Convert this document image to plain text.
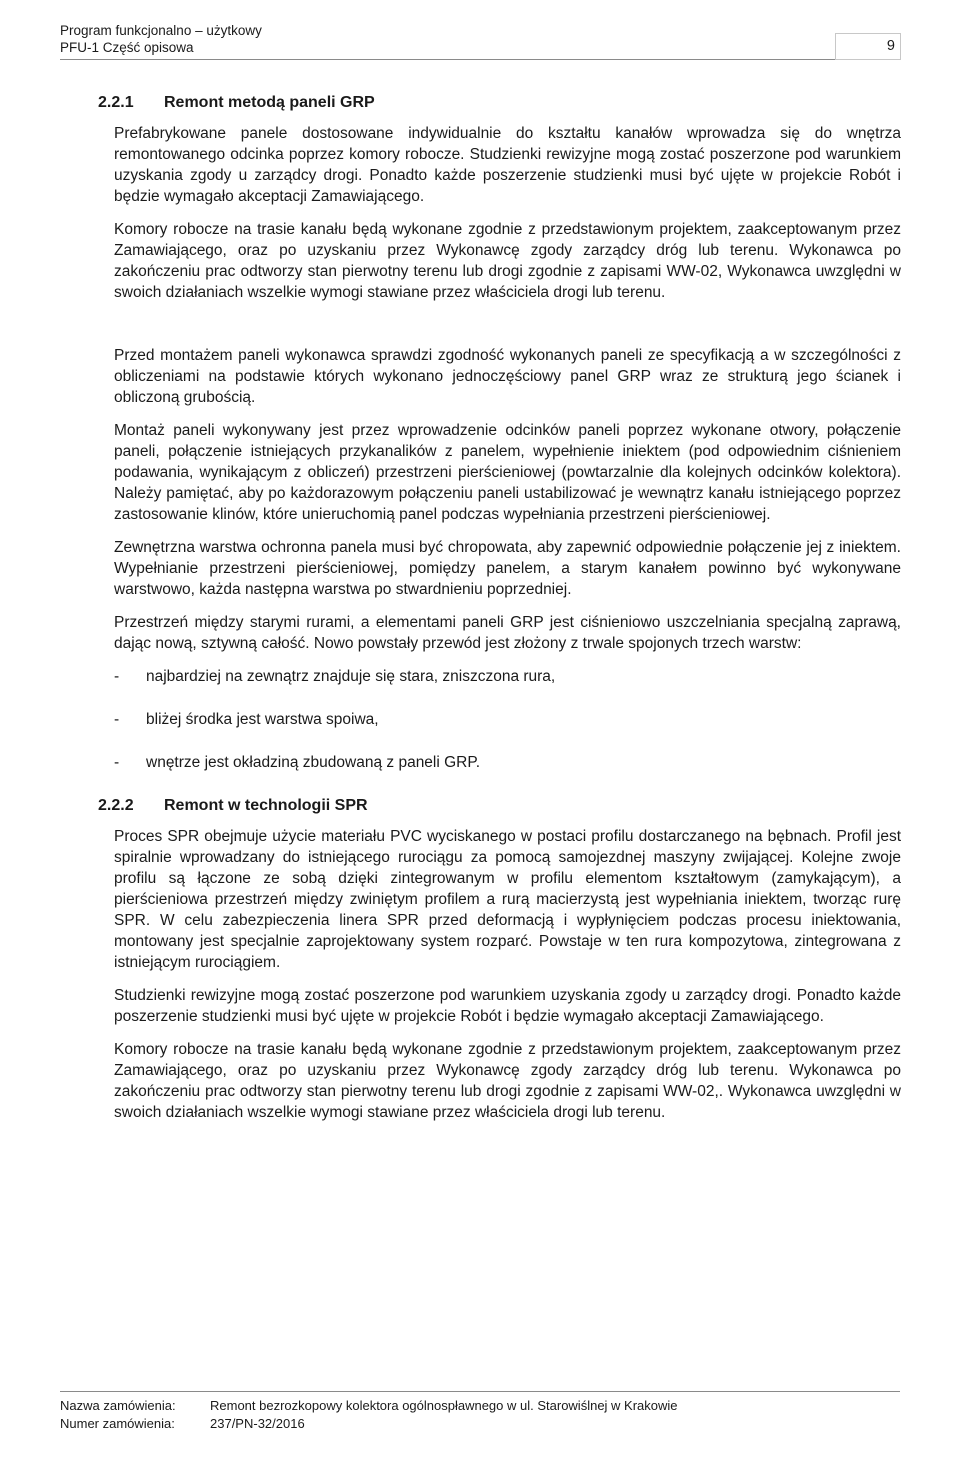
Program funkcjonalno – użytkowy
PFU-1 Część opisowa	9
2.2.1 Remont metodą paneli GRP

Prefabrykowane panele dostosowane indywidualnie do kształtu kanałów wprowadza się do wnętrza remontowanego odcinka poprzez komory robocze. Studzienki rewizyjne mogą zostać poszerzone pod warunkiem uzyskania zgody u zarządcy drogi. Ponadto każde poszerzenie studzienki musi być ujęte w projekcie Robót i będzie wymagało akceptacji Zamawiającego.

Komory robocze na trasie kanału będą wykonane zgodnie z przedstawionym projektem, zaakceptowanym przez Zamawiającego, oraz po uzyskaniu przez Wykonawcę zgody zarządcy dróg lub terenu. Wykonawca po zakończeniu prac odtworzy stan pierwotny terenu lub drogi zgodnie z zapisami WW-02, Wykonawca uwzględni w swoich działaniach wszelkie wymogi stawiane przez właściciela drogi lub terenu.

Przed montażem paneli wykonawca sprawdzi zgodność wykonanych paneli ze specyfikacją a w szczególności z obliczeniami na podstawie których wykonano jednoczęściowy panel GRP wraz ze strukturą jego ścianek i obliczoną grubością.

Montaż paneli wykonywany jest przez wprowadzenie odcinków paneli poprzez wykonane otwory, połączenie paneli, połączenie istniejących przykanalików z panelem, wypełnienie iniektem (pod odpowiednim ciśnieniem podawania, wynikającym z obliczeń) przestrzeni pierścieniowej (powtarzalnie dla kolejnych odcinków kolektora). Należy pamiętać, aby po każdorazowym połączeniu paneli ustabilizować je wewnątrz kanału istniejącego poprzez zastosowanie klinów, które unieruchomią panel podczas wypełniania przestrzeni pierścieniowej.

Zewnętrzna warstwa ochronna panela musi być chropowata, aby zapewnić odpowiednie połączenie jej z iniektem. Wypełnianie przestrzeni pierścieniowej, pomiędzy panelem, a starym kanałem powinno być wykonywane warstwowo, każda następna warstwa po stwardnieniu poprzedniej.

Przestrzeń między starymi rurami, a elementami paneli GRP jest ciśnieniowo uszczelniania specjalną zaprawą, dając nową, sztywną całość. Nowo powstały przewód jest złożony z trwale spojonych trzech warstw:

- najbardziej na zewnątrz znajduje się stara, zniszczona rura,
- bliżej środka jest warstwa spoiwa,
- wnętrze jest okładziną zbudowaną z paneli GRP.
2.2.2 Remont w technologii SPR

Proces SPR obejmuje użycie materiału PVC wyciskanego w postaci profilu dostarczanego na bębnach. Profil jest spiralnie wprowadzany do istniejącego rurociągu za pomocą samojezdnej maszyny zwijającej. Kolejne zwoje profilu są łączone ze sobą dzięki zintegrowanym w profilu elementom kształtowym (zamykającym), a pierścieniowa przestrzeń między zwiniętym profilem a rurą macierzystą jest wypełniania iniektem, tworząc rurę SPR. W celu zabezpieczenia linera SPR przed deformacją i wypłynięciem podczas procesu iniektowania, montowany jest specjalnie zaprojektowany system rozparć. Powstaje w ten rura kompozytowa, zintegrowana z istniejącym rurociągiem.

Studzienki rewizyjne mogą zostać poszerzone pod warunkiem uzyskania zgody u zarządcy drogi. Ponadto każde poszerzenie studzienki musi być ujęte w projekcie Robót i będzie wymagało akceptacji Zamawiającego.

Komory robocze na trasie kanału będą wykonane zgodnie z przedstawionym projektem, zaakceptowanym przez Zamawiającego, oraz po uzyskaniu przez Wykonawcę zgody zarządcy dróg lub terenu. Wykonawca po zakończeniu prac odtworzy stan pierwotny terenu lub drogi zgodnie z zapisami WW-02,. Wykonawca uwzględni w swoich działaniach wszelkie wymogi stawiane przez właściciela drogi lub terenu.

Nazwa zamówienia:	Remont bezrozkopowy kolektora ogólnospławnego w ul. Starowiślnej w Krakowie
Numer zamówienia:	237/PN-32/2016
